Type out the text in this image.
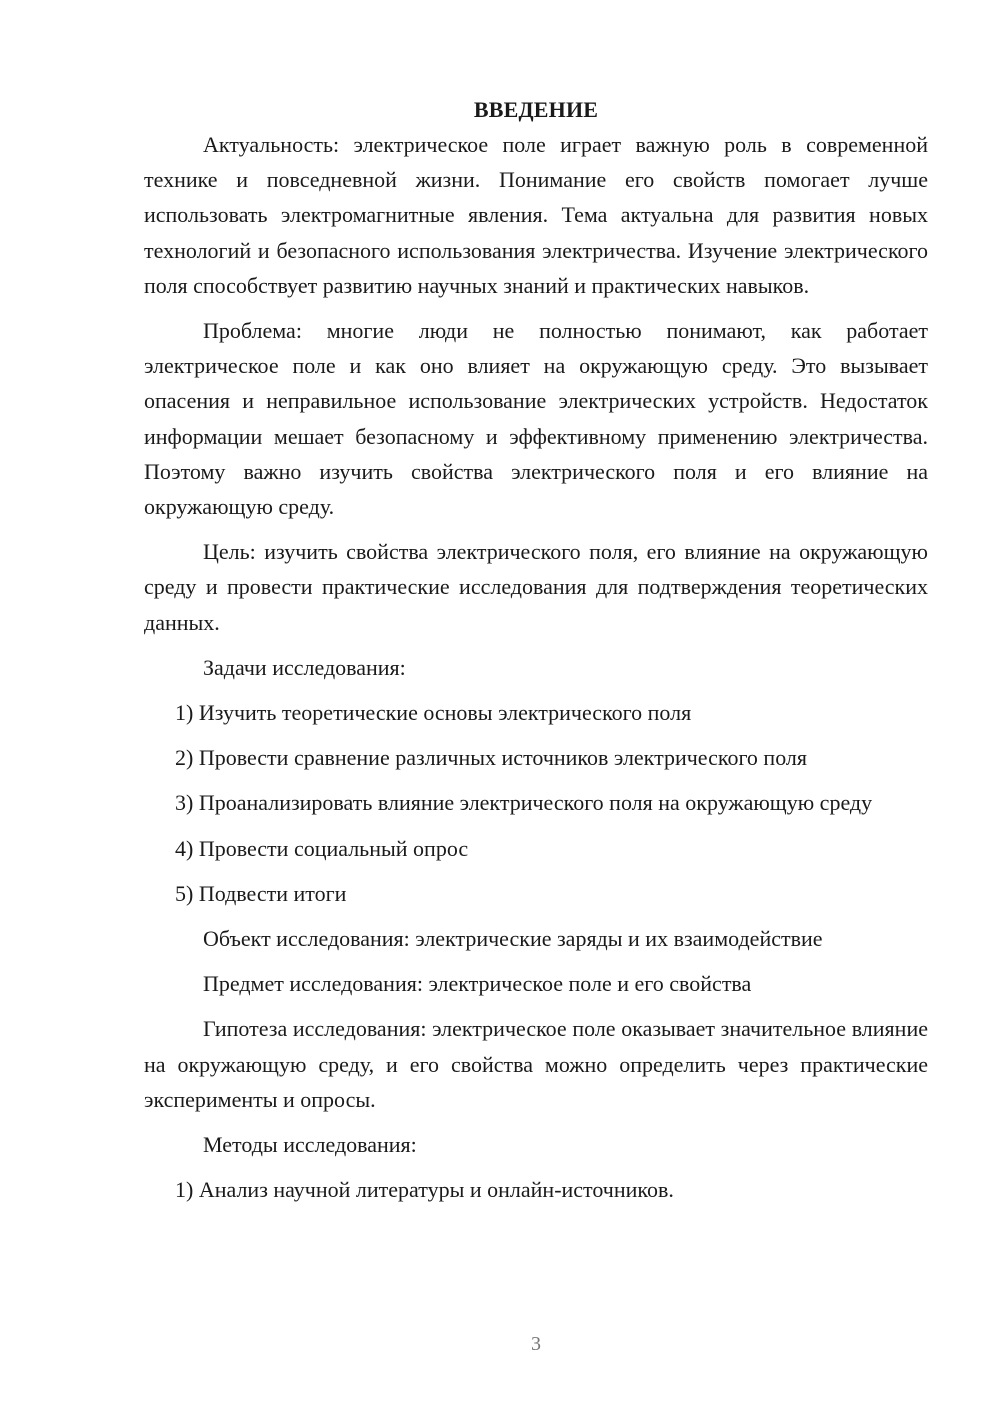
ВВЕДЕНИЕ

Актуальность: электрическое поле играет важную роль в современной технике и повседневной жизни. Понимание его свойств помогает лучше использовать электромагнитные явления. Тема актуальна для развития новых технологий и безопасного использования электричества. Изучение электрического поля способствует развитию научных знаний и практических навыков.

Проблема: многие люди не полностью понимают, как работает электрическое поле и как оно влияет на окружающую среду. Это вызывает опасения и неправильное использование электрических устройств. Недостаток информации мешает безопасному и эффективному применению электричества. Поэтому важно изучить свойства электрического поля и его влияние на окружающую среду.

Цель: изучить свойства электрического поля, его влияние на окружающую среду и провести практические исследования для подтверждения теоретических данных.

Задачи исследования:

1) Изучить теоретические основы электрического поля

2) Провести сравнение различных источников электрического поля

3) Проанализировать влияние электрического поля на окружающую среду

4) Провести социальный опрос

5) Подвести итоги

Объект исследования: электрические заряды и их взаимодействие

Предмет исследования: электрическое поле и его свойства

Гипотеза исследования: электрическое поле оказывает значительное влияние на окружающую среду, и его свойства можно определить через практические эксперименты и опросы.

Методы исследования:

1) Анализ научной литературы и онлайн-источников.

3
